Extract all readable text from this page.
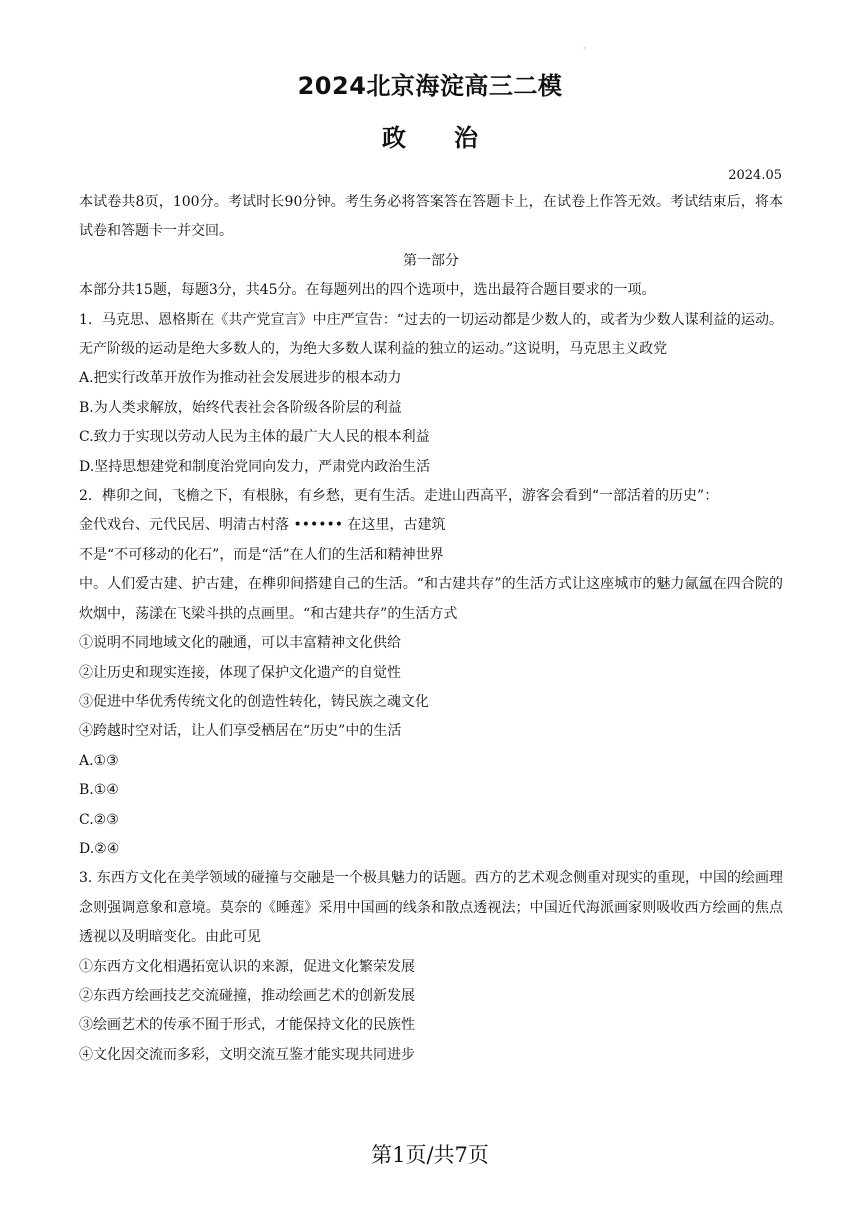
·
2024北京海淀高三二模
政治
2024.05

本试卷共8页，100分。考试时长90分钟。考生务必将答案答在答题卡上，在试卷上作答无效。考试结束后，将本试卷和答题卡一并交回。

第一部分

本部分共15题，每题3分，共45分。在每题列出的四个选项中，选出最符合题目要求的一项。

1．马克思、恩格斯在《共产党宣言》中庄严宣告：“过去的一切运动都是少数人的，或者为少数人谋利益的运动。无产阶级的运动是绝大多数人的，为绝大多数人谋利益的独立的运动。”这说明，马克思主义政党

A.把实行改革开放作为推动社会发展进步的根本动力

B.为人类求解放，始终代表社会各阶级各阶层的利益

C.致力于实现以劳动人民为主体的最广大人民的根本利益

D.坚持思想建党和制度治党同向发力，严肃党内政治生活

2．榫卯之间，飞檐之下，有根脉，有乡愁，更有生活。走进山西高平，游客会看到“一部活着的历史”：

金代戏台、元代民居、明清古村落 •••••• 在这里，古建筑

不是“不可移动的化石”，而是“活”在人们的生活和精神世界

中。人们爱古建、护古建，在榫卯间搭建自己的生活。“和古建共存”的生活方式让这座城市的魅力氤氲在四合院的炊烟中，荡漾在飞梁斗拱的点画里。“和古建共存”的生活方式

①说明不同地域文化的融通，可以丰富精神文化供给

②让历史和现实连接，体现了保护文化遗产的自觉性

③促进中华优秀传统文化的创造性转化，铸民族之魂文化

④跨越时空对话，让人们享受栖居在“历史”中的生活

A.①③

B.①④

C.②③

D.②④

3. 东西方文化在美学领域的碰撞与交融是一个极具魅力的话题。西方的艺术观念侧重对现实的重现，中国的绘画理念则强调意象和意境。莫奈的《睡莲》采用中国画的线条和散点透视法；中国近代海派画家则吸收西方绘画的焦点透视以及明暗变化。由此可见

①东西方文化相遇拓宽认识的来源，促进文化繁荣发展

②东西方绘画技艺交流碰撞，推动绘画艺术的创新发展

③绘画艺术的传承不囿于形式，才能保持文化的民族性

④文化因交流而多彩，文明交流互鉴才能实现共同进步

第1页/共7页
